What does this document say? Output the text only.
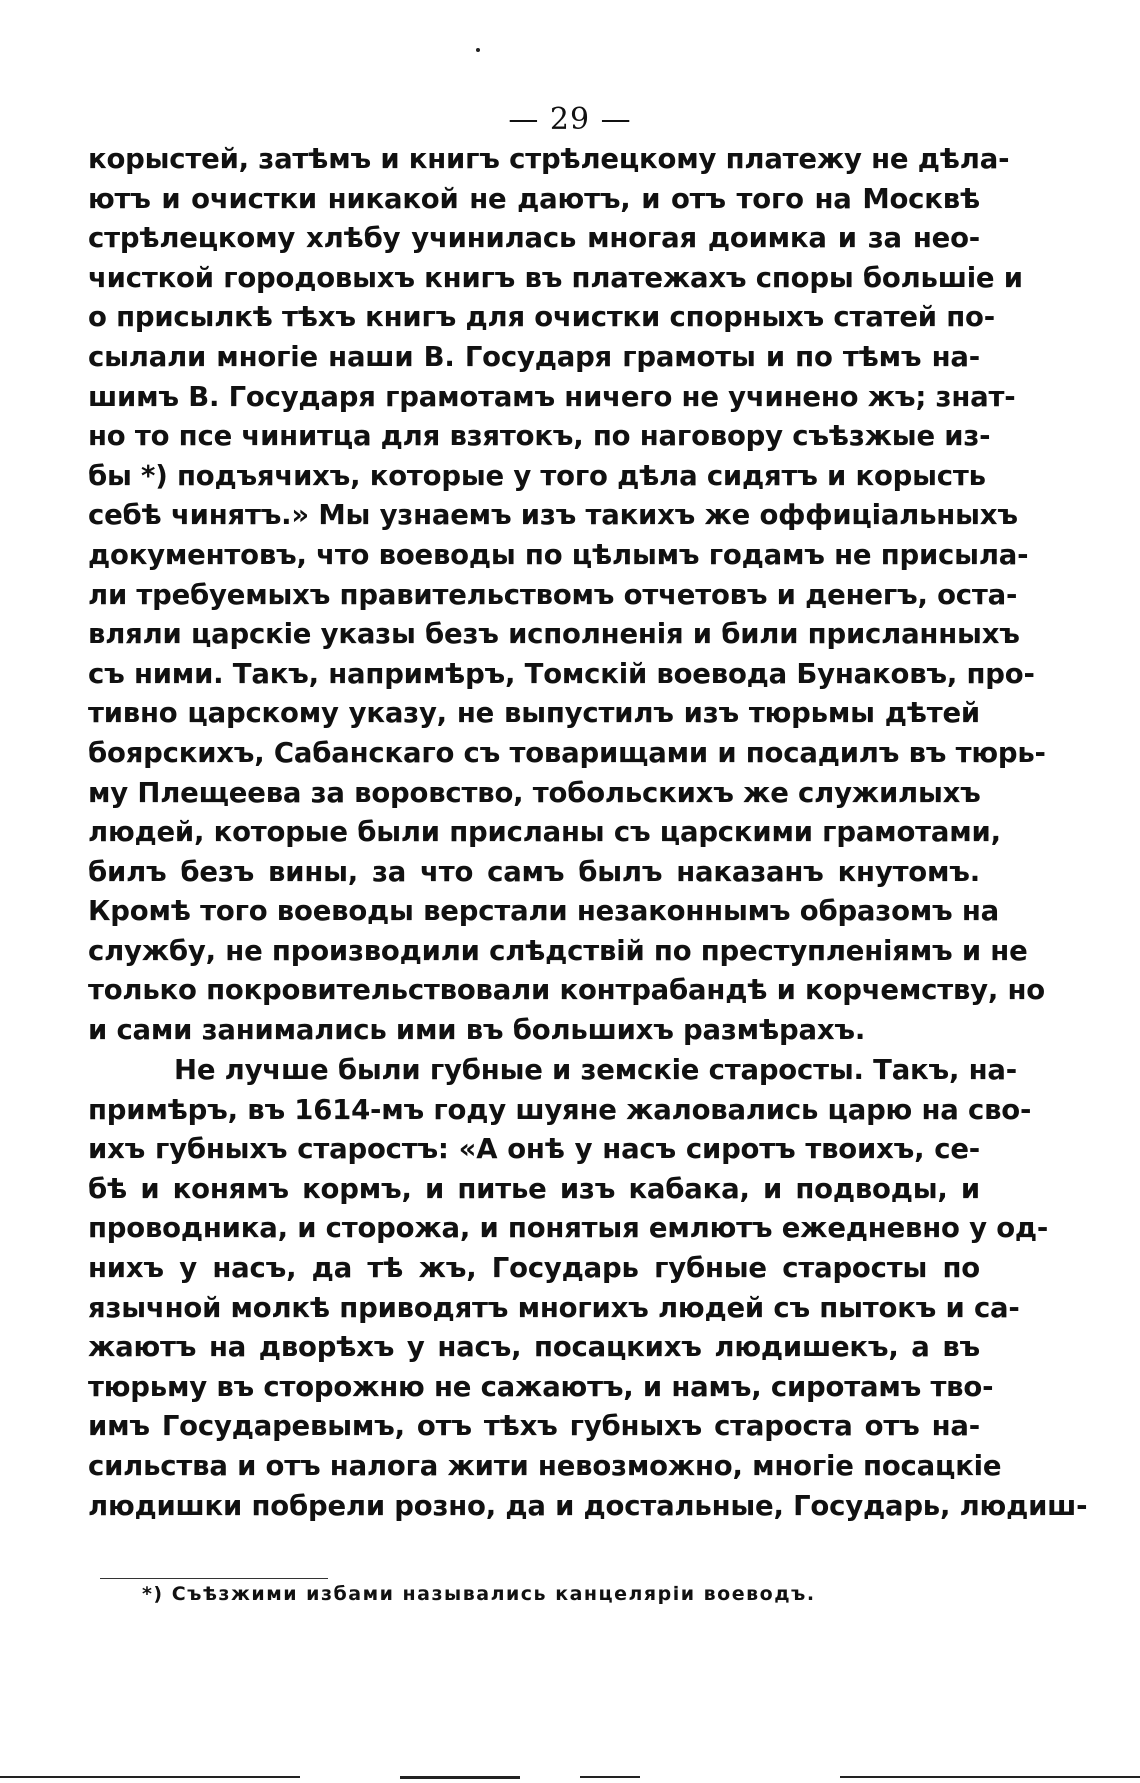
— 29 —
корыстей, затѣмъ и книгъ стрѣлецкому платежу не дѣла-
ютъ и очистки никакой не даютъ, и отъ того на Москвѣ
стрѣлецкому хлѣбу учинилась многая доимка и за нео-
чисткой городовыхъ книгъ въ платежахъ споры большіе и
о присылкѣ тѣхъ книгъ для очистки спорныхъ статей по-
сылали многіе наши В. Государя грамоты и по тѣмъ на-
шимъ В. Государя грамотамъ ничего не учинено жъ; знат-
но то псе чинитца для взятокъ, по наговору съѣзжые из-
бы *) подъячихъ, которые у того дѣла сидятъ и корысть
себѣ чинятъ.» Мы узнаемъ изъ такихъ же оффиціальныхъ
документовъ, что воеводы по цѣлымъ годамъ не присыла-
ли требуемыхъ правительствомъ отчетовъ и денегъ, оста-
вляли царскіе указы безъ исполненія и били присланныхъ
съ ними. Такъ, напримѣръ, Томскій воевода Бунаковъ, про-
тивно царскому указу, не выпустилъ изъ тюрьмы дѣтей
боярскихъ, Сабанскаго съ товарищами и посадилъ въ тюрь-
му Плещеева за воровство, тобольскихъ же служилыхъ
людей, которые были присланы съ царскими грамотами,
билъ безъ вины, за что самъ былъ наказанъ кнутомъ.
Кромѣ того воеводы верстали незаконнымъ образомъ на
службу, не производили слѣдствій по преступленіямъ и не
только покровительствовали контрабандѣ и корчемству, но
и сами занимались ими въ большихъ размѣрахъ.
Не лучше были губные и земскіе старосты. Такъ, на-
примѣръ, въ 1614-мъ году шуяне жаловались царю на сво-
ихъ губныхъ старостъ: «А онѣ у насъ сиротъ твоихъ, се-
бѣ и конямъ кормъ, и питье изъ кабака, и подводы, и
проводника, и сторожа, и понятыя емлютъ ежедневно у од-
нихъ у насъ, да тѣ жъ, Государь губные старосты по
язычной молкѣ приводятъ многихъ людей съ пытокъ и са-
жаютъ на дворѣхъ у насъ, посацкихъ людишекъ, а въ
тюрьму въ сторожню не сажаютъ, и намъ, сиротамъ тво-
имъ Государевымъ, отъ тѣхъ губныхъ староста отъ на-
сильства и отъ налога жити невозможно, многіе посацкіе
людишки побрели розно, да и достальные, Государь, людиш-
*) Съѣзжими избами назывались канцеляріи воеводъ.
